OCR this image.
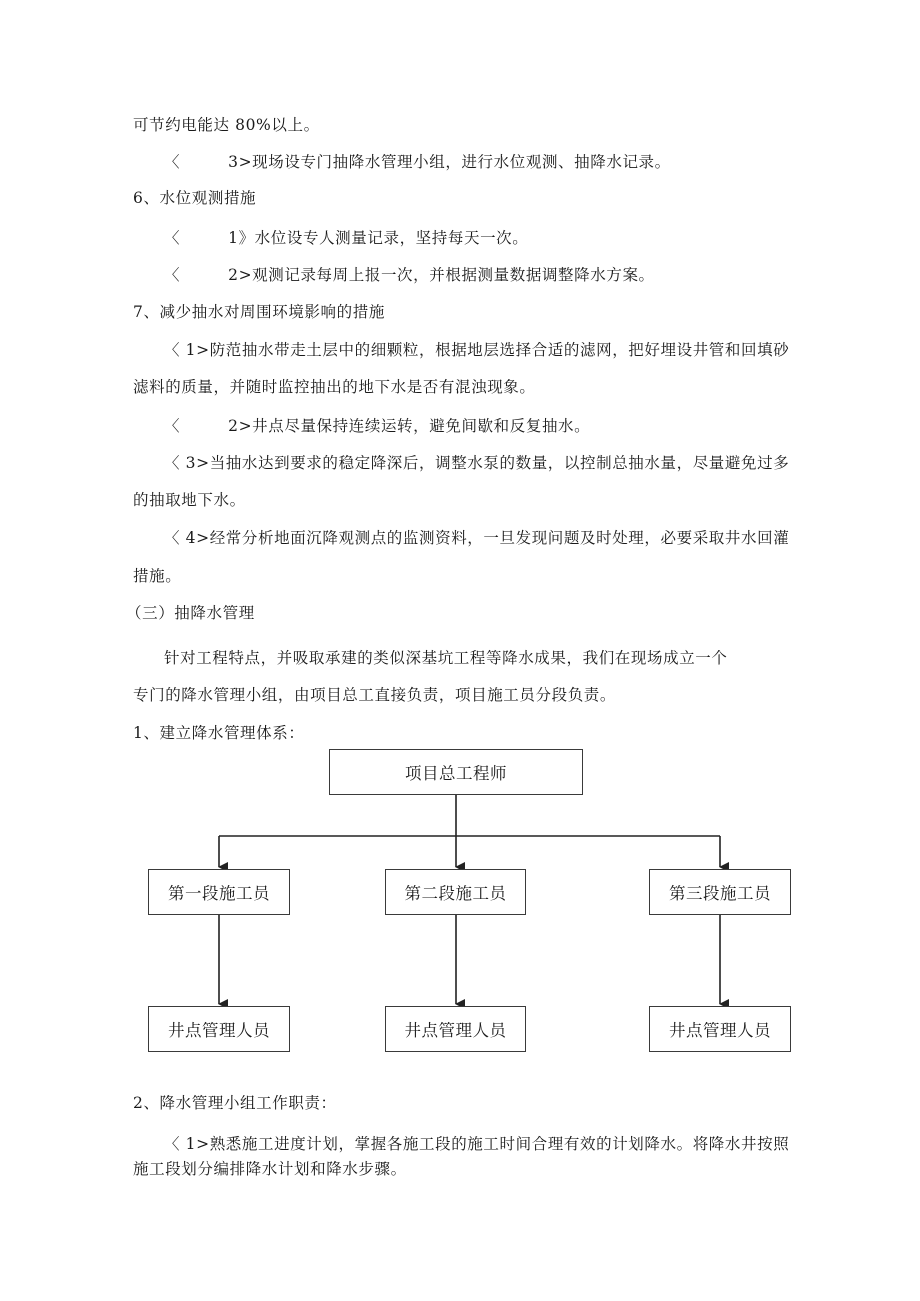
可节约电能达 80%以上。
〈	3>现场设专门抽降水管理小组，进行水位观测、抽降水记录。
6、水位观测措施
〈	1》水位设专人测量记录，坚持每天一次。
〈	2>观测记录每周上报一次，并根据测量数据调整降水方案。
7、减少抽水对周围环境影响的措施
〈 1>防范抽水带走土层中的细颗粒，根据地层选择合适的滤网，把好埋设井管和回填砂
滤料的质量，并随时监控抽出的地下水是否有混浊现象。
〈	2>井点尽量保持连续运转，避免间歇和反复抽水。
〈 3>当抽水达到要求的稳定降深后，调整水泵的数量，以控制总抽水量，尽量避免过多
的抽取地下水。
〈 4>经常分析地面沉降观测点的监测资料，一旦发现问题及时处理，必要采取井水回灌
措施。
（三）抽降水管理
针对工程特点，并吸取承建的类似深基坑工程等降水成果，我们在现场成立一个
专门的降水管理小组，由项目总工直接负责，项目施工员分段负责。
1、建立降水管理体系：
项目总工程师
第一段施工员	第二段施工员	第三段施工员
井点管理人员	井点管理人员	井点管理人员
2、降水管理小组工作职责：
〈 1>熟悉施工进度计划，掌握各施工段的施工时间合理有效的计划降水。将降水井按照
施工段划分编排降水计划和降水步骤。
